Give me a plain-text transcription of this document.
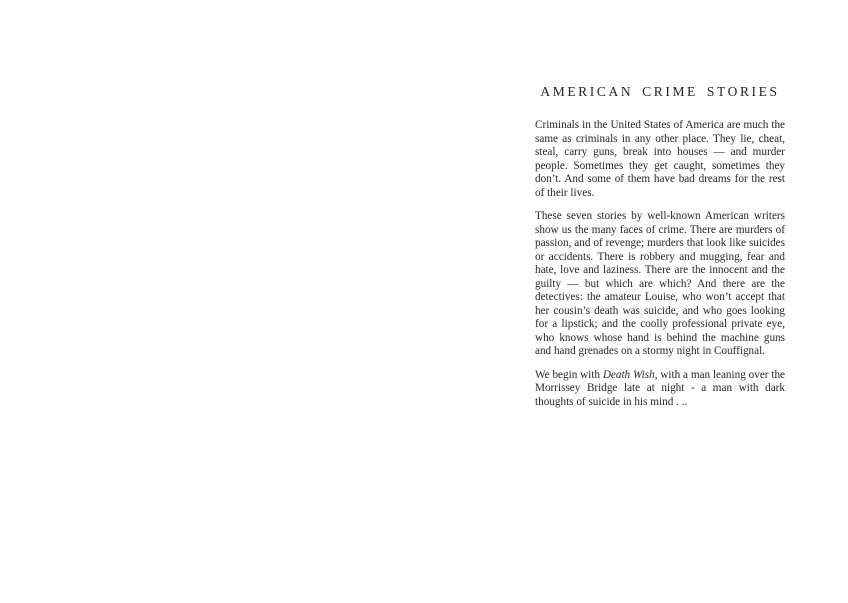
AMERICAN CRIME STORIES

Criminals in the United States of America are much the same as criminals in any other place. They lie, cheat, steal, carry guns, break into houses — and murder people. Sometimes they get caught, sometimes they don’t. And some of them have bad dreams for the rest of their lives.

These seven stories by well-known American writers show us the many faces of crime. There are murders of passion, and of revenge; murders that look like suicides or accidents. There is robbery and mugging, fear and hate, love and laziness. There are the innocent and the guilty — but which are which? And there are the detectives: the amateur Louise, who won’t accept that her cousin’s death was suicide, and who goes looking for a lipstick; and the coolly professional private eye, who knows whose hand is behind the machine guns and hand grenades on a stormy night in Couffignal.

We begin with Death Wish, with a man leaning over the Morrissey Bridge late at night - a man with dark thoughts of suicide in his mind . ..
